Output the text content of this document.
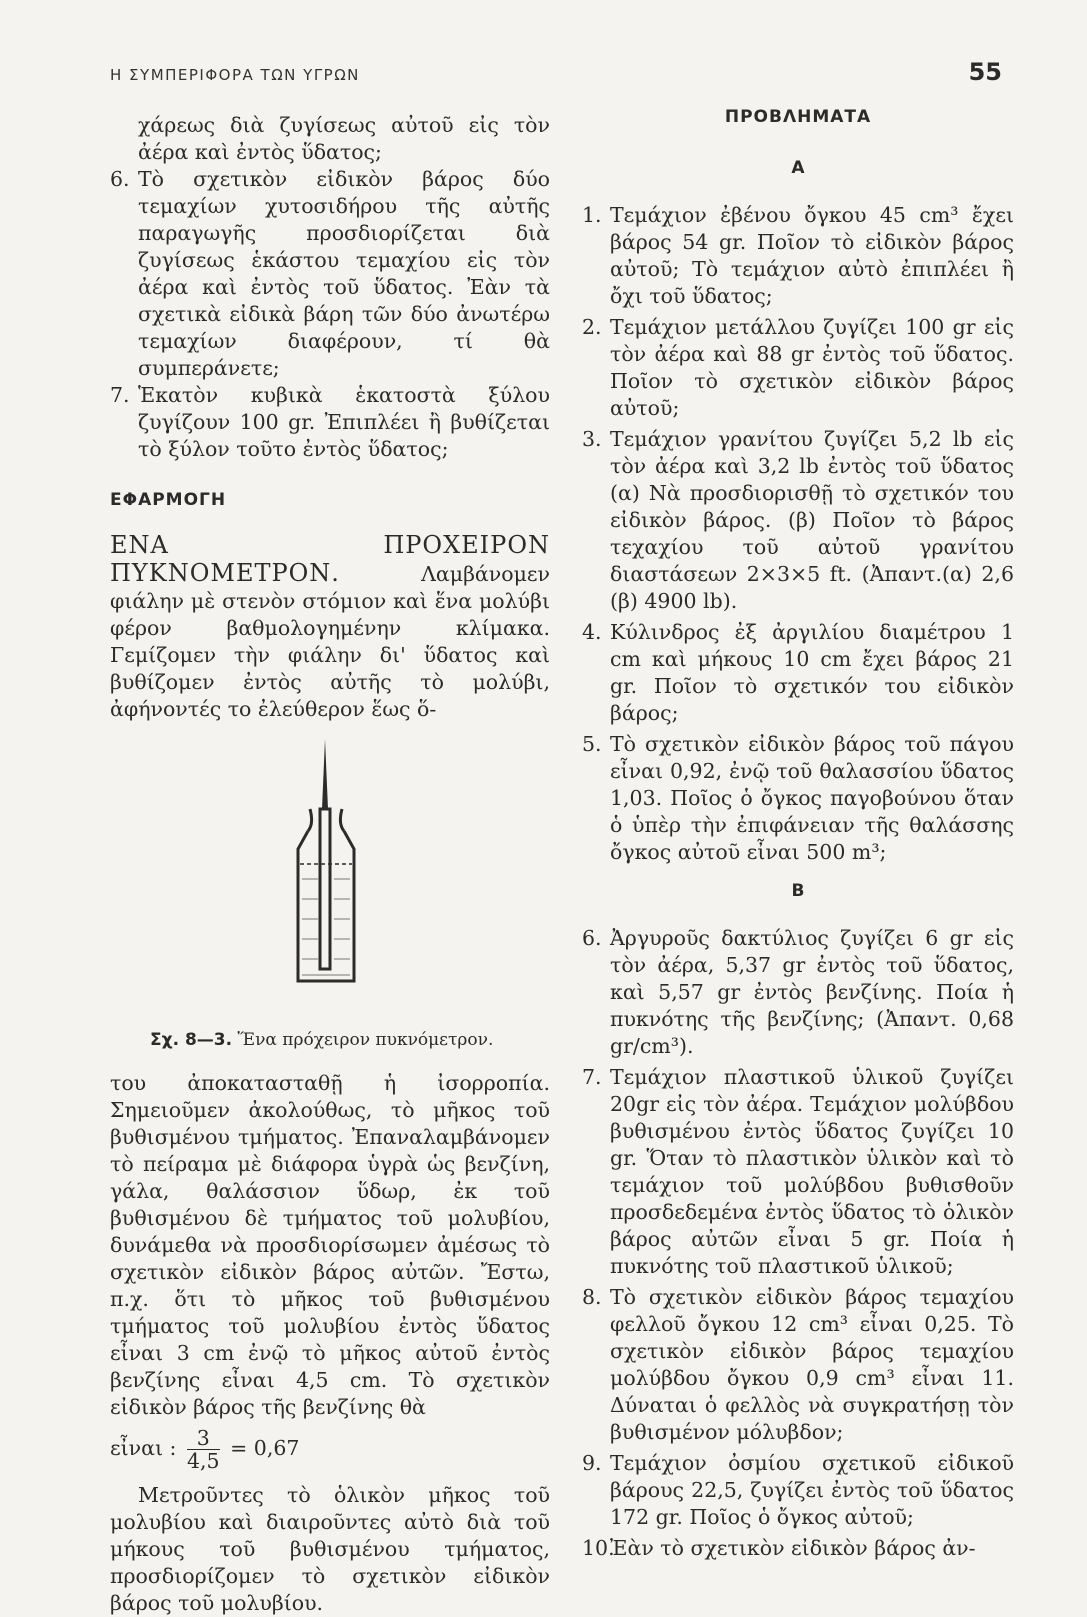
Η ΣΥΜΠΕΡΙΦΟΡΑ ΤΩΝ ΥΓΡΩΝ	55

χάρεως διὰ ζυγίσεως αὐτοῦ εἰς τὸν ἀέρα καὶ ἐντὸς ὕδατος;

6. Τὸ σχετικὸν εἰδικὸν βάρος δύο τεμαχίων χυτοσιδήρου τῆς αὐτῆς παραγωγῆς προσδιορίζεται διὰ ζυγίσεως ἑκάστου τεμαχίου εἰς τὸν ἀέρα καὶ ἐντὸς τοῦ ὕδατος. Ἐὰν τὰ σχετικὰ εἰδικὰ βάρη τῶν δύο ἀνωτέρω τεμαχίων διαφέρουν, τί θὰ συμπεράνετε;
7. Ἑκατὸν κυβικὰ ἑκατοστὰ ξύλου ζυγίζουν 100 gr. Ἐπιπλέει ἢ βυθίζεται τὸ ξύλον τοῦτο ἐντὸς ὕδατος;
ΕΦΑΡΜΟΓΗ

ΕΝΑ ΠΡΟΧΕΙΡΟΝ ΠΥΚΝΟΜΕΤΡΟΝ.	Λαμβάνομεν φιάλην μὲ στενὸν στόμιον καὶ ἕνα μολύβι φέρον βαθμολογημένην κλίμακα. Γεμίζομεν τὴν φιάλην δι' ὕδατος καὶ βυθίζομεν ἐντὸς αὐτῆς τὸ μολύβι, ἀφήνοντές το ἐλεύθερον ἕως ὅ-

Σχ. 8—3. Ἕνα πρόχειρον πυκνόμετρον.

του ἀποκατασταθῇ ἡ ἰσορροπία. Σημειοῦμεν ἀκολούθως, τὸ μῆκος τοῦ βυθισμένου τμήματος. Ἐπαναλαμβάνομεν τὸ πείραμα μὲ διάφορα ὑγρὰ ὡς βενζίνη, γάλα, θαλάσσιον ὕδωρ, ἐκ τοῦ βυθισμένου δὲ τμήματος τοῦ μολυβίου, δυνάμεθα νὰ προσδιορίσωμεν ἀμέσως τὸ σχετικὸν εἰδικὸν βάρος αὐτῶν. Ἔστω, π.χ. ὅτι τὸ μῆκος τοῦ βυθισμένου τμήματος τοῦ μολυβίου ἐντὸς ὕδατος εἶναι 3 cm ἐνῷ τὸ μῆκος αὐτοῦ ἐντὸς βενζίνης εἶναι 4,5 cm. Τὸ σχετικὸν εἰδικὸν βάρος τῆς βενζίνης θὰ

εἶναι : $\frac{3}{4,5} = 0,67$

Μετροῦντες τὸ ὁλικὸν μῆκος τοῦ μολυβίου καὶ διαιροῦντες αὐτὸ διὰ τοῦ μήκους τοῦ βυθισμένου τμήματος, προσδιορίζομεν τὸ σχετικὸν εἰδικὸν βάρος τοῦ μολυβίου.

ΠΡΟΒΛΗΜΑΤΑ
Α
1. Τεμάχιον ἐβένου ὄγκου 45 cm³ ἔχει βάρος 54 gr. Ποῖον τὸ εἰδικὸν βάρος αὐτοῦ; Τὸ τεμάχιον αὐτὸ ἐπιπλέει ἢ ὄχι τοῦ ὕδατος;
2. Τεμάχιον μετάλλου ζυγίζει 100 gr εἰς τὸν ἀέρα καὶ 88 gr ἐντὸς τοῦ ὕδατος. Ποῖον τὸ σχετικὸν εἰδικὸν βάρος αὐτοῦ;
3. Τεμάχιον γρανίτου ζυγίζει 5,2 lb εἰς τὸν ἀέρα καὶ 3,2 lb ἐντὸς τοῦ ὕδατος (α) Νὰ προσδιορισθῇ τὸ σχετικόν του εἰδικὸν βάρος. (β) Ποῖον τὸ βάρος τεχαχίου τοῦ αὐτοῦ γρανίτου διαστάσεων 2×3×5 ft. (Ἀπαντ.(α) 2,6 (β) 4900 lb).
4. Κύλινδρος ἐξ ἀργιλίου διαμέτρου 1 cm καὶ μήκους 10 cm ἔχει βάρος 21 gr. Ποῖον τὸ σχετικόν του εἰδικὸν βάρος;
5. Τὸ σχετικὸν εἰδικὸν βάρος τοῦ πάγου εἶναι 0,92, ἐνῷ τοῦ θαλασσίου ὕδατος 1,03. Ποῖος ὁ ὄγκος παγοβούνου ὅταν ὁ ὑπὲρ τὴν ἐπιφάνειαν τῆς θαλάσσης ὄγκος αὐτοῦ εἶναι 500 m³;
Β
6. Ἀργυροῦς δακτύλιος ζυγίζει 6 gr εἰς τὸν ἀέρα, 5,37 gr ἐντὸς τοῦ ὕδατος, καὶ 5,57 gr ἐντὸς βενζίνης. Ποία ἡ πυκνότης τῆς βενζίνης; (Ἀπαντ. 0,68 gr/cm³).
7. Τεμάχιον πλαστικοῦ ὑλικοῦ ζυγίζει 20gr εἰς τὸν ἀέρα. Τεμάχιον μολύβδου βυθισμένου ἐντὸς ὕδατος ζυγίζει 10 gr. Ὅταν τὸ πλαστικὸν ὑλικὸν καὶ τὸ τεμάχιον τοῦ μολύβδου βυθισθοῦν προσδεδεμένα ἐντὸς ὕδατος τὸ ὁλικὸν βάρος αὐτῶν εἶναι 5 gr. Ποία ἡ πυκνότης τοῦ πλαστικοῦ ὑλικοῦ;
8. Τὸ σχετικὸν εἰδικὸν βάρος τεμαχίου φελλοῦ ὄγκου 12 cm³ εἶναι 0,25. Τὸ σχετικὸν εἰδικὸν βάρος τεμαχίου μολύβδου ὄγκου 0,9 cm³ εἶναι 11. Δύναται ὁ φελλὸς νὰ συγκρατήσῃ τὸν βυθισμένον μόλυβδον;
9. Τεμάχιον ὀσμίου σχετικοῦ εἰδικοῦ βάρους 22,5, ζυγίζει ἐντὸς τοῦ ὕδατος 172 gr. Ποῖος ὁ ὄγκος αὐτοῦ;
10.
Ἐὰν τὸ σχετικὸν εἰδικὸν βάρος ἀν-
